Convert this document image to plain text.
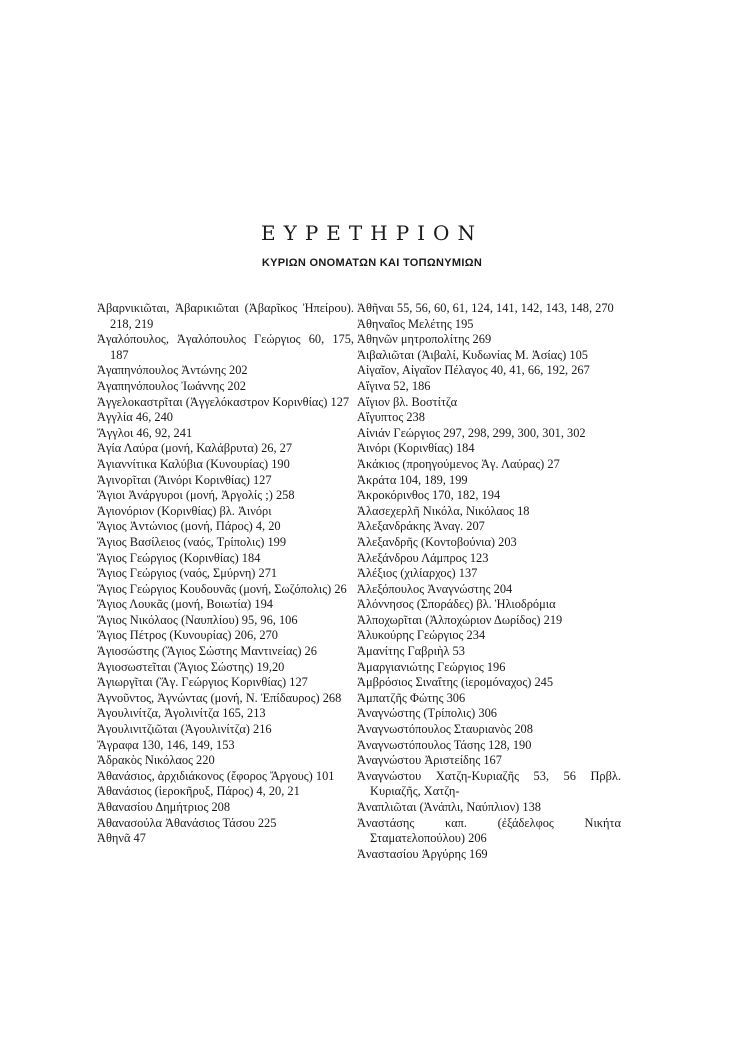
ΕΥΡΕΤΗΡΙΟΝ
ΚΥΡΙΩΝ ΟΝΟΜΑΤΩΝ ΚΑΙ ΤΟΠΩΝΥΜΙΩΝ
Ἀβαρνικιῶται, Ἀβαρικιῶται (Ἀβαρῖκος Ἠπείρου). 218, 219
Ἀγαλόπουλος, Ἀγαλόπουλος Γεώργιος 60, 175, 187
Ἀγαπηνόπουλος Ἀντώνης 202
Ἀγαπηνόπουλος Ἰωάννης 202
Ἀγγελοκαστρῖται (Ἀγγελόκαστρον Κορινθίας) 127
Ἀγγλία 46, 240
Ἄγγλοι 46, 92, 241
Ἁγία Λαύρα (μονή, Καλάβρυτα) 26, 27
Ἁγιαννίτικα Καλύβια (Κυνουρίας) 190
Ἀγινορῖται (Ἀινόρι Κορινθίας) 127
Ἅγιοι Ἀνάργυροι (μονή, Ἀργολίς ;) 258
Ἀγιονόριον (Κορινθίας) βλ. Ἀινόρι
Ἅγιος Ἀντώνιος (μονή, Πάρος) 4, 20
Ἅγιος Βασίλειος (ναός, Τρίπολις) 199
Ἅγιος Γεώργιος (Κορινθίας) 184
Ἅγιος Γεώργιος (ναός, Σμύρνη) 271
Ἅγιος Γεώργιος Κουδουνᾶς (μονή, Σωζόπολις) 26
Ἅγιος Λουκᾶς (μονή, Βοιωτία) 194
Ἅγιος Νικόλαος (Ναυπλίου) 95, 96, 106
Ἅγιος Πέτρος (Κυνουρίας) 206, 270
Ἁγιοσώστης (Ἅγιος Σώστης Μαντινείας) 26
Ἁγιοσωστεῖται (Ἅγιος Σώστης) 19,20
Ἁγιωργῖται (Ἅγ. Γεώργιος Κορινθίας) 127
Ἀγνοῦντος, Ἀγνώντας (μονή, Ν. Ἐπίδαυρος) 268
Ἀγουλινίτζα, Ἀγολινίτζα 165, 213
Ἀγουλινιτζιῶται (Ἀγουλινίτζα) 216
Ἄγραφα 130, 146, 149, 153
Ἀδρακὸς Νικόλαος 220
Ἀθανάσιος, ἀρχιδιάκονος (ἔφορος Ἄργους) 101
Ἀθανάσιος (ἱεροκῆρυξ, Πάρος) 4, 20, 21
Ἀθανασίου Δημήτριος 208
Ἀθανασούλα Ἀθανάσιος Τάσου 225
Ἀθηνᾶ 47
Ἀθῆναι 55, 56, 60, 61, 124, 141, 142, 143, 148, 270
Ἀθηναῖος Μελέτης 195
Ἀθηνῶν μητροπολίτης 269
Ἀιβαλιῶται (Ἀιβαλί, Κυδωνίας Μ. Ἀσίας) 105
Αἰγαῖον, Αἰγαῖον Πέλαγος 40, 41, 66, 192, 267
Αἴγινα 52, 186
Αἴγιον βλ. Βοστίτζα
Αἴγυπτος 238
Αἰνιάν Γεώργιος 297, 298, 299, 300, 301, 302
Ἀινόρι (Κορινθίας) 184
Ἀκάκιος (προηγούμενος Ἁγ. Λαύρας) 27
Ἀκράτα 104, 189, 199
Ἀκροκόρινθος 170, 182, 194
Ἀλασεχερλῆ Νικόλα, Νικόλαος 18
Ἀλεξανδράκης Ἀναγ. 207
Ἀλεξανδρῆς (Κοντοβούνια) 203
Ἀλεξάνδρου Λάμπρος 123
Ἀλέξιος (χιλίαρχος) 137
Ἀλεξόπουλος Ἀναγνώστης 204
Ἀλόννησος (Σποράδες) βλ. Ἡλιοδρόμια
Ἀλποχωρῖται (Ἀλποχώριον Δωρίδος) 219
Ἀλυκούρης Γεώργιος 234
Ἀμανίτης Γαβριὴλ 53
Ἀμαργιανιώτης Γεώργιος 196
Ἀμβρόσιος Σιναΐτης (ἱερομόναχος) 245
Ἀμπατζῆς Φώτης 306
Ἀναγνώστης (Τρίπολις) 306
Ἀναγνωστόπουλος Σταυριανὸς 208
Ἀναγνωστόπουλος Τάσης 128, 190
Ἀναγνώστου Ἀριστείδης 167
Ἀναγνώστου Χατζη-Κυριαζῆς 53, 56 Πρβλ. Κυριαζῆς, Χατζη-
Ἀναπλιῶται (Ἀνάπλι, Ναύπλιον) 138
Ἀναστάσης καπ. (ἐξάδελφος Νικήτα Σταματελοπούλου) 206
Ἀναστασίου Ἀργύρης 169
